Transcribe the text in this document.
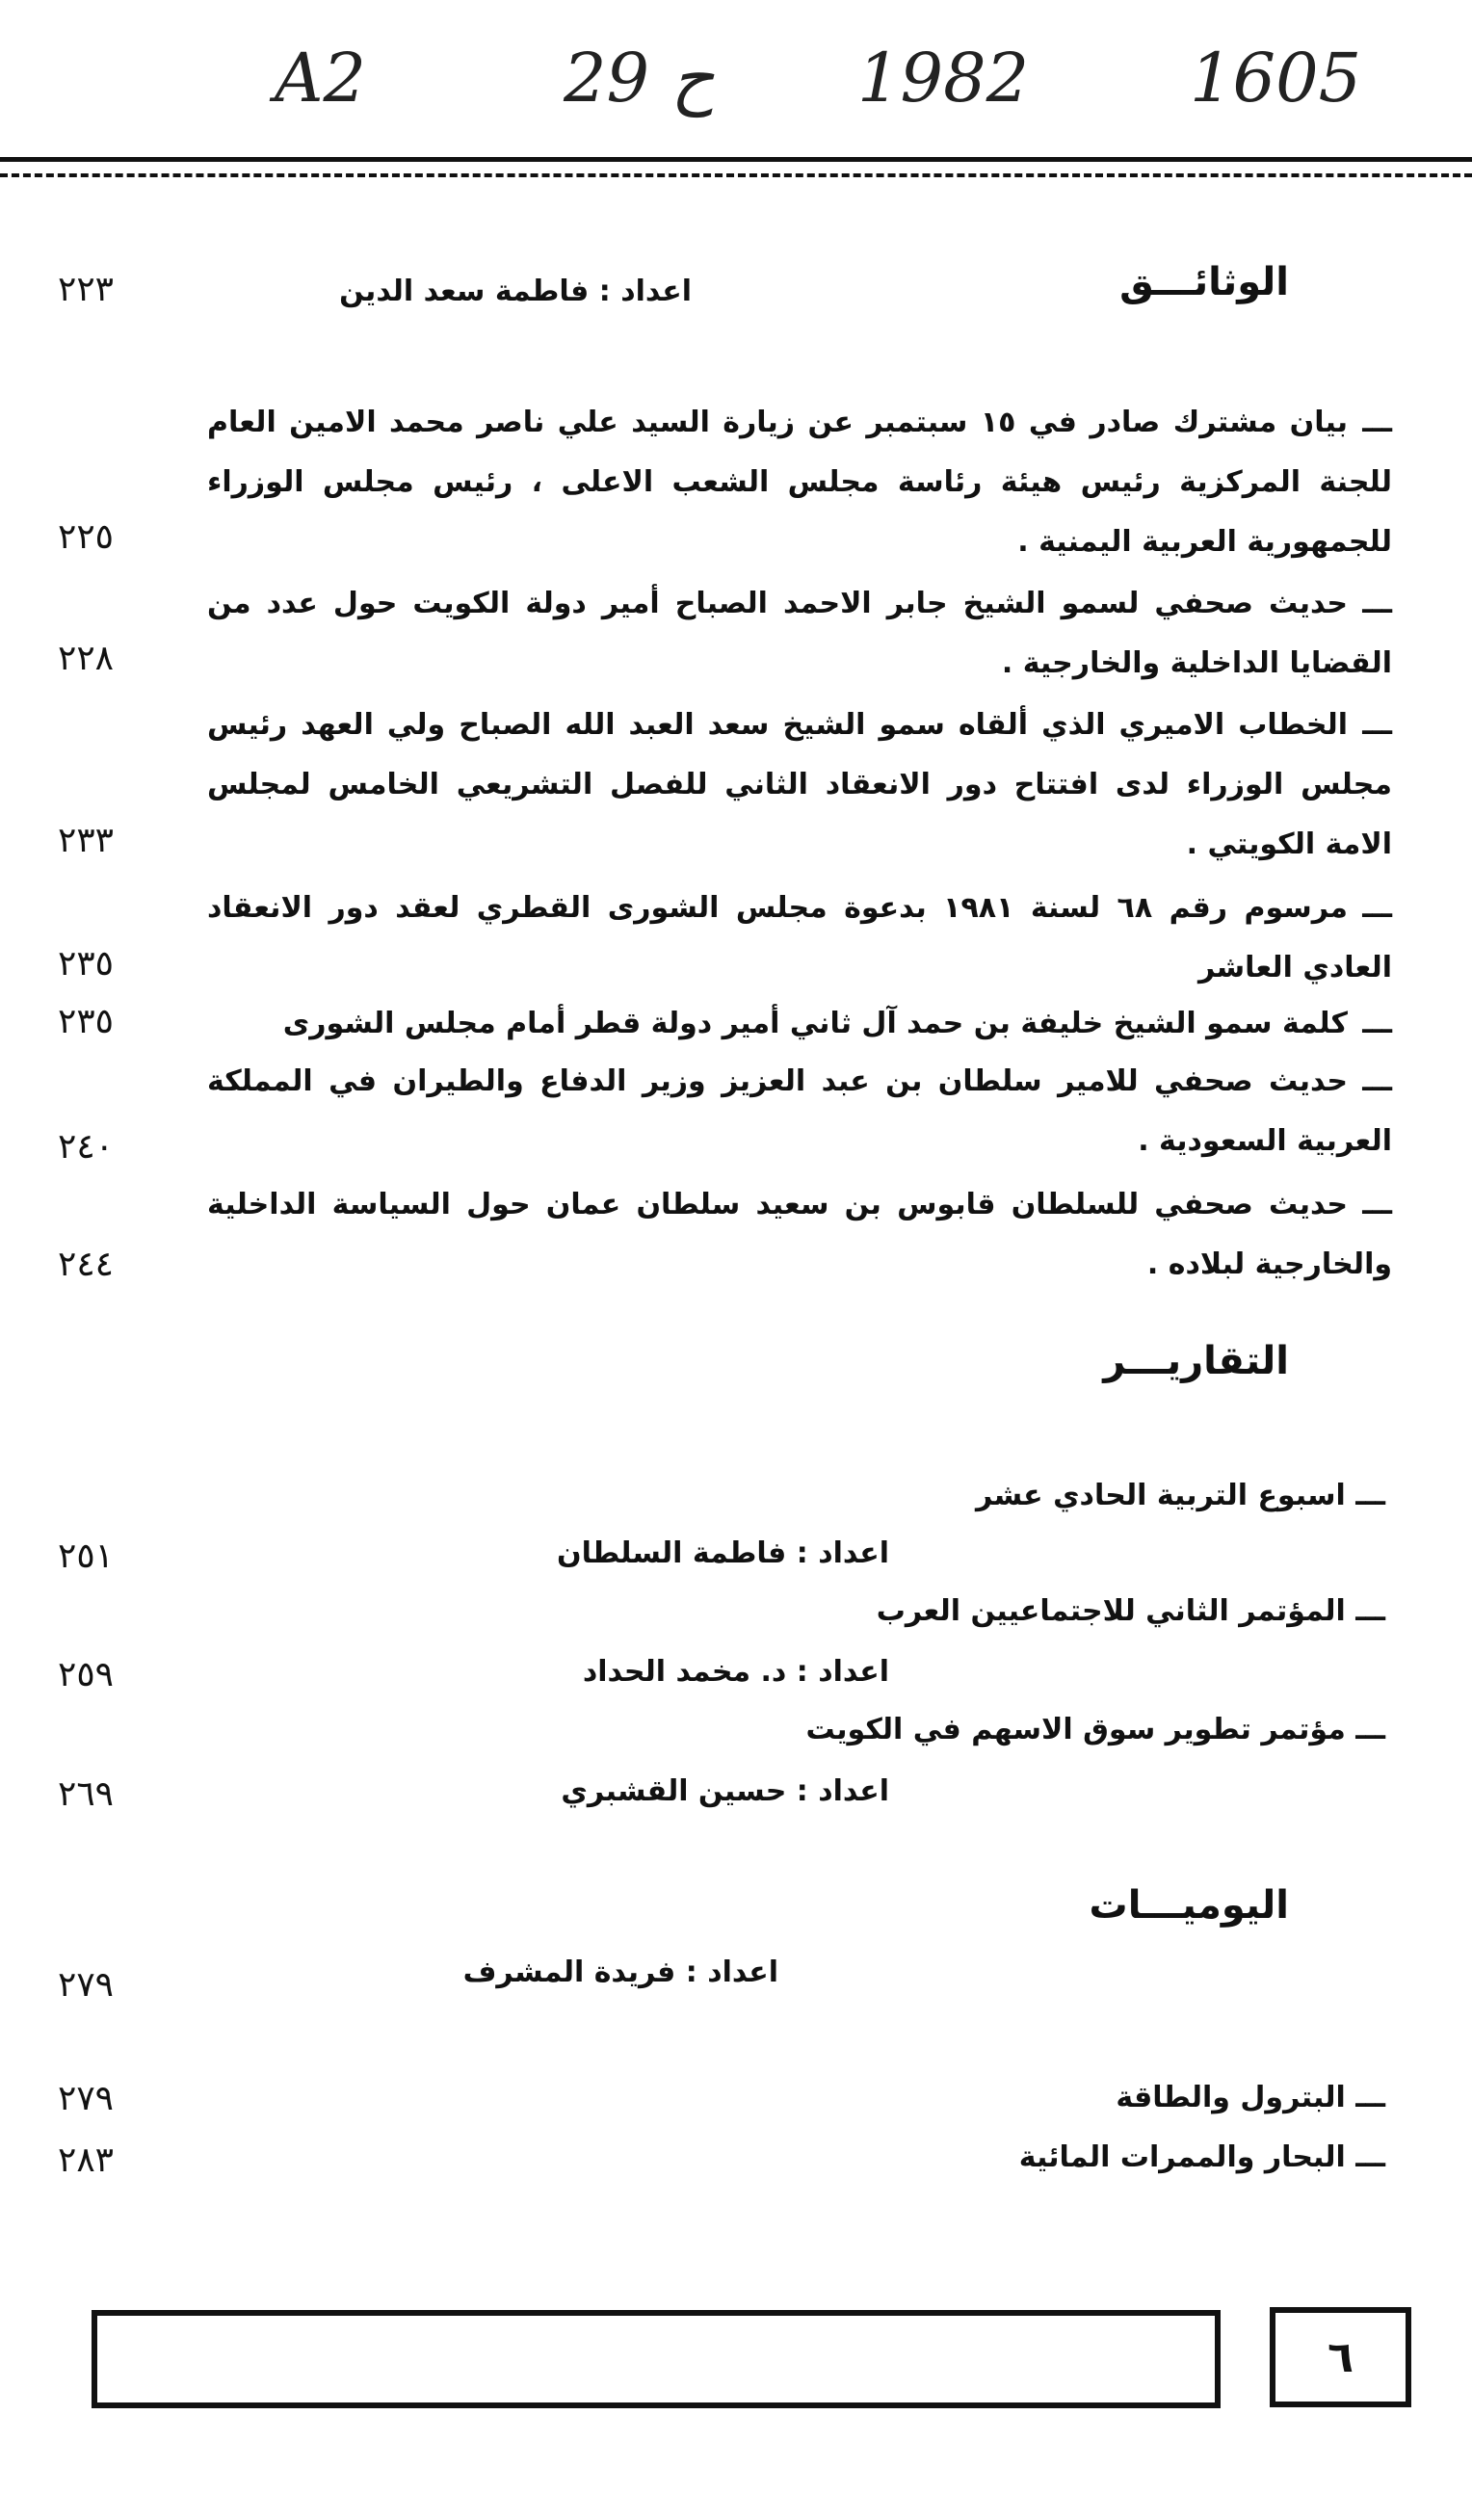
A2	29 ح 1982 1605
الوثائـــق
اعداد : فاطمة سعد الدين
٢٢٣
ـــبيان مشترك صادر في ١٥ سبتمبر عن زيارة السيد علي ناصر محمد الامين العام للجنة المركزية رئيس هيئة رئاسة مجلس الشعب الاعلى ، رئيس مجلس الوزراء للجمهورية العربية اليمنية .
٢٢٥
ـــحديث صحفي لسمو الشيخ جابر الاحمد الصباح أمير دولة الكويت حول عدد من القضايا الداخلية والخارجية .
٢٢٨
ـــالخطاب الاميري الذي ألقاه سمو الشيخ سعد العبد الله الصباح ولي العهد رئيس مجلس الوزراء لدى افتتاح دور الانعقاد الثاني للفصل التشريعي الخامس لمجلس الامة الكويتي .
٢٣٣
ـــمرسوم رقم ٦٨ لسنة ١٩٨١ بدعوة مجلس الشورى القطري لعقد دور الانعقاد العادي العاشر
٢٣٥
ـــكلمة سمو الشيخ خليفة بن حمد آل ثاني أمير دولة قطر أمام مجلس الشورى
٢٣٥
ـــحديث صحفي للامير سلطان بن عبد العزيز وزير الدفاع والطيران في المملكة العربية السعودية .
٢٤٠
ـــحديث صحفي للسلطان قابوس بن سعيد سلطان عمان حول السياسة الداخلية والخارجية لبلاده .
٢٤٤
التقاريـــر
ـــ اسبوع التربية الحادي عشر
اعداد : فاطمة السلطان
٢٥١
ـــ المؤتمر الثاني للاجتماعيين العرب
اعداد : د. مخمد الحداد
٢٥٩
ـــ مؤتمر تطوير سوق الاسهم في الكويت
اعداد : حسين القشبري
٢٦٩
اليوميـــات
اعداد : فريدة المشرف
٢٧٩
ـــ البترول والطاقة
٢٧٩
ـــ البحار والممرات المائية
٢٨٣
٦
